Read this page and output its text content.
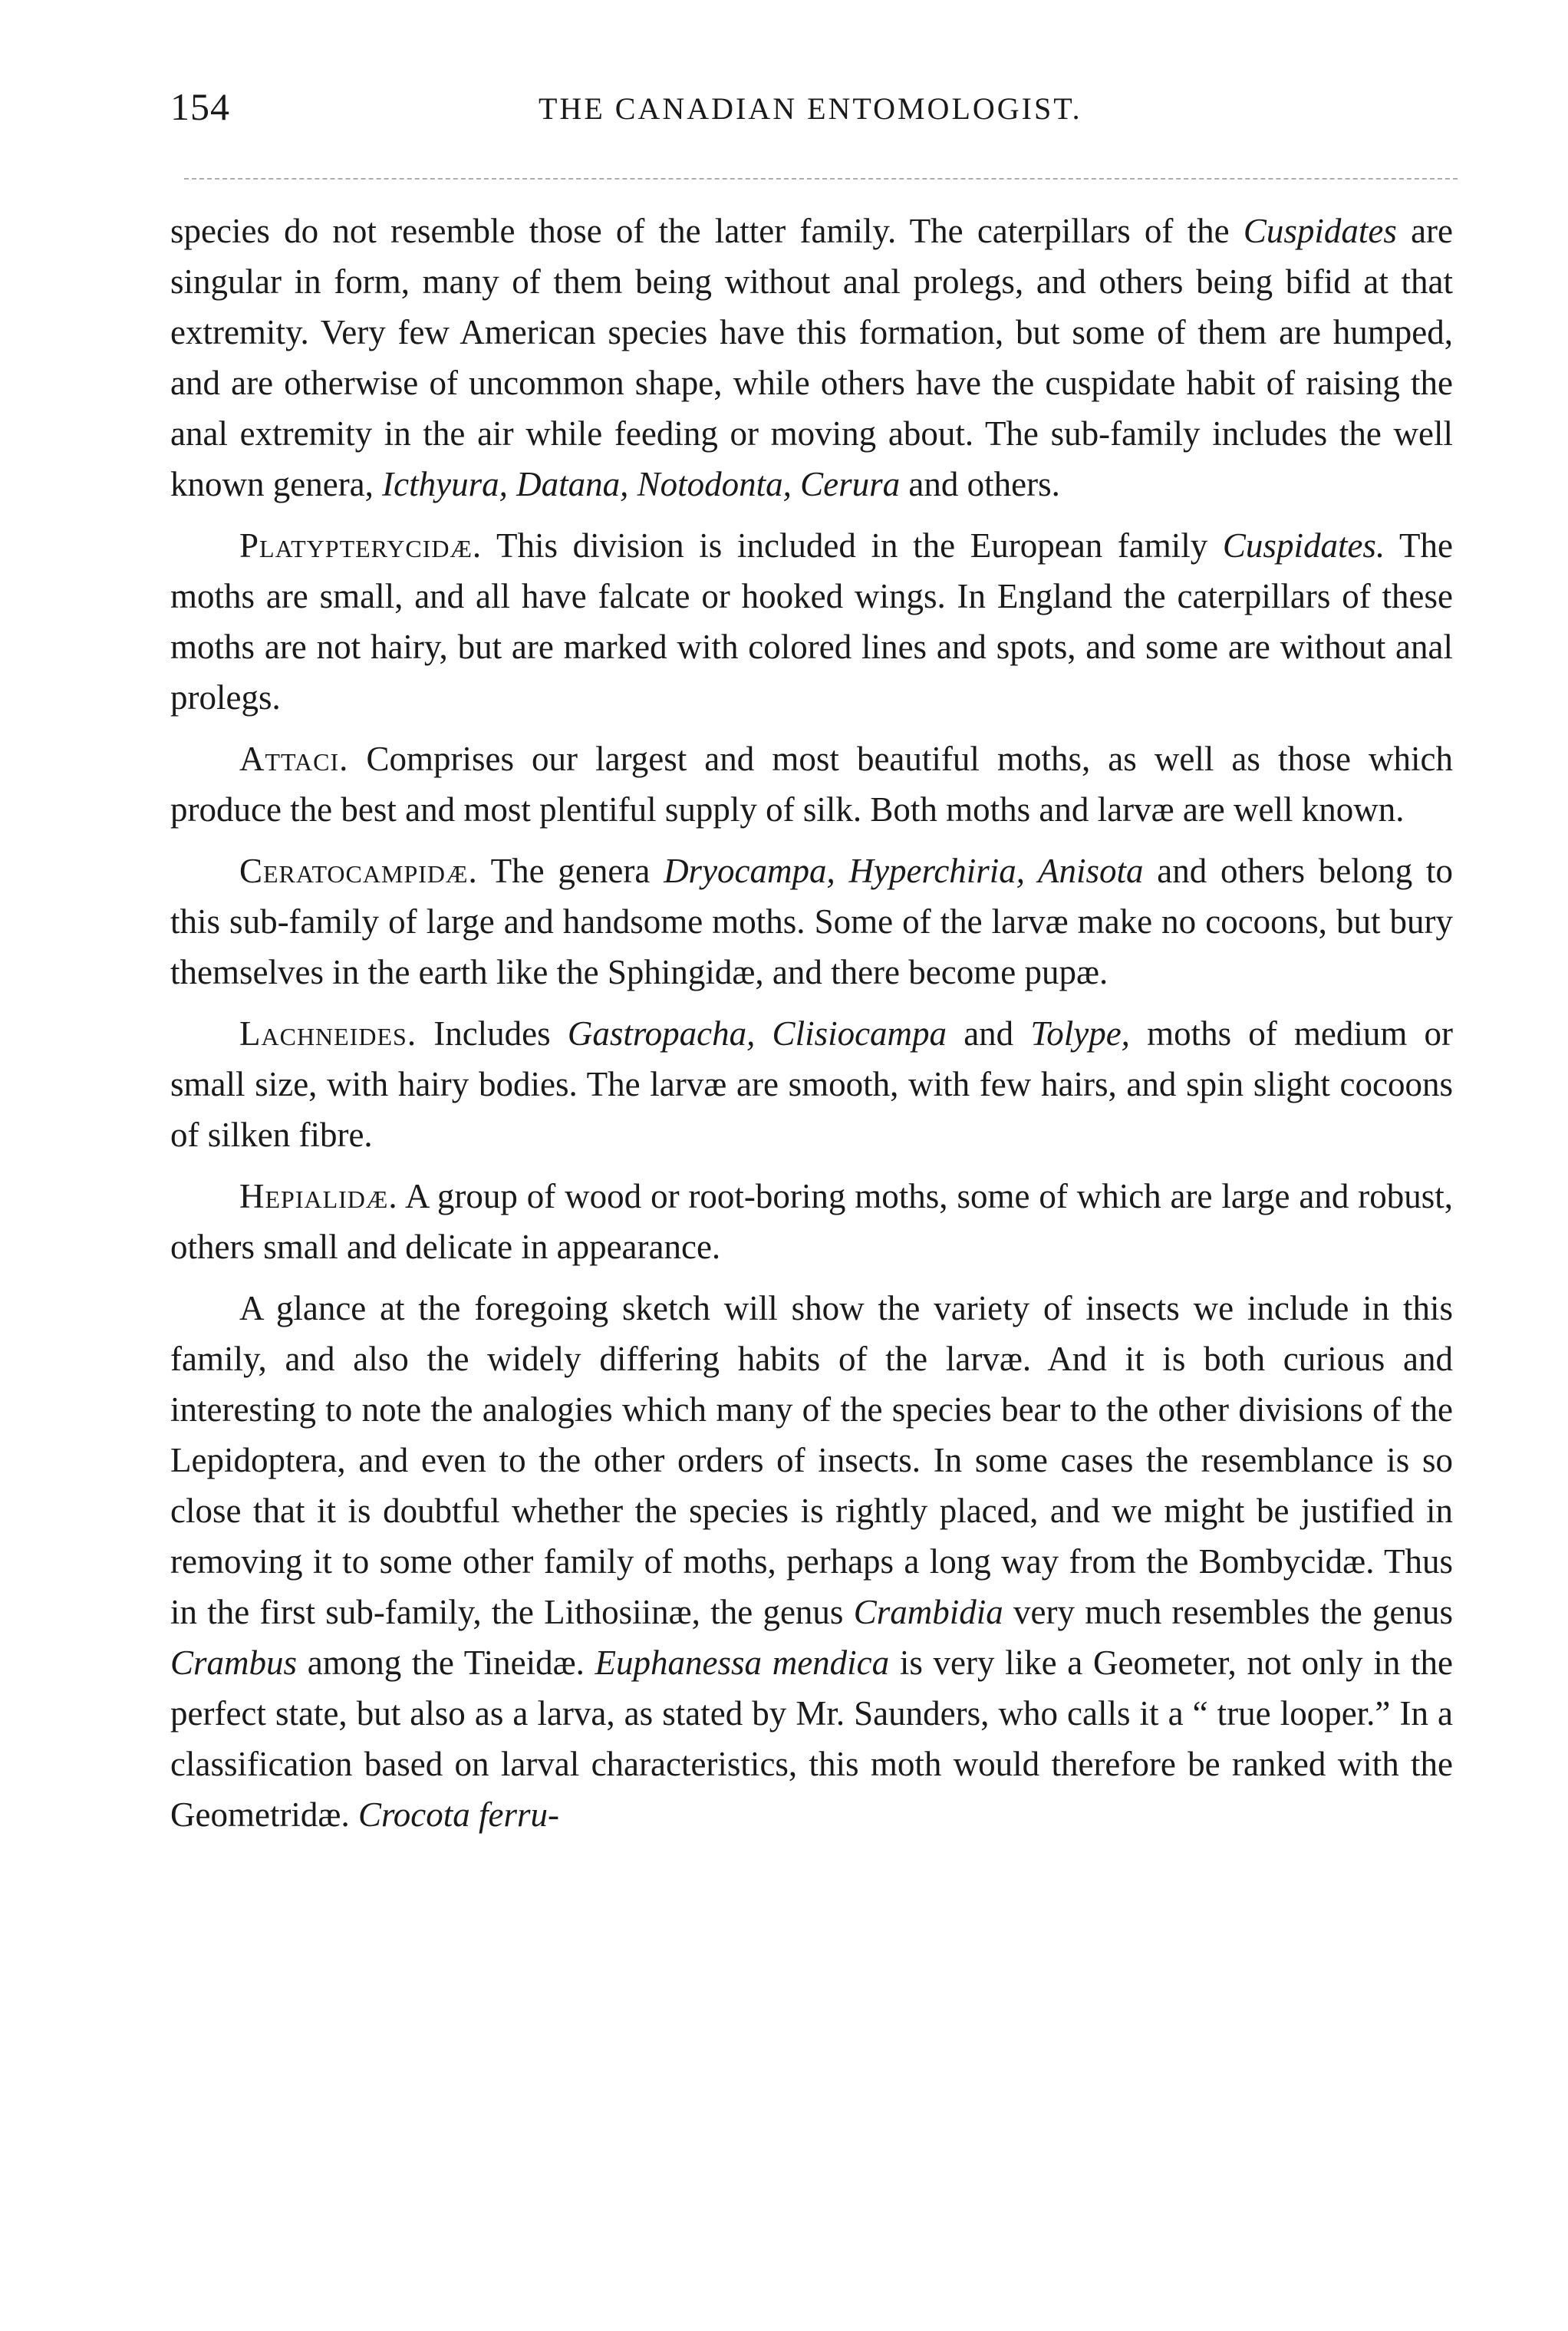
154	THE CANADIAN ENTOMOLOGIST.

species do not resemble those of the latter family. The caterpillars of the Cuspidates are singular in form, many of them being without anal prolegs, and others being bifid at that extremity. Very few American species have this formation, but some of them are humped, and are otherwise of uncommon shape, while others have the cuspidate habit of raising the anal extremity in the air while feeding or moving about. The sub-family includes the well known genera, Icthyura, Datana, Notodonta, Cerura and others.

Platypterycidæ. This division is included in the European family Cuspidates. The moths are small, and all have falcate or hooked wings. In England the caterpillars of these moths are not hairy, but are marked with colored lines and spots, and some are without anal prolegs.

Attaci. Comprises our largest and most beautiful moths, as well as those which produce the best and most plentiful supply of silk. Both moths and larvæ are well known.

Ceratocampidæ. The genera Dryocampa, Hyperchiria, Anisota and others belong to this sub-family of large and handsome moths. Some of the larvæ make no cocoons, but bury themselves in the earth like the Sphingidæ, and there become pupæ.

Lachneides. Includes Gastropacha, Clisiocampa and Tolype, moths of medium or small size, with hairy bodies. The larvæ are smooth, with few hairs, and spin slight cocoons of silken fibre.

Hepialidæ. A group of wood or root-boring moths, some of which are large and robust, others small and delicate in appearance.

A glance at the foregoing sketch will show the variety of insects we include in this family, and also the widely differing habits of the larvæ. And it is both curious and interesting to note the analogies which many of the species bear to the other divisions of the Lepidoptera, and even to the other orders of insects. In some cases the resemblance is so close that it is doubtful whether the species is rightly placed, and we might be justified in removing it to some other family of moths, perhaps a long way from the Bombycidæ. Thus in the first sub-family, the Lithosiinæ, the genus Crambidia very much resembles the genus Crambus among the Tineidæ. Euphanessa mendica is very like a Geometer, not only in the perfect state, but also as a larva, as stated by Mr. Saunders, who calls it a “ true looper.” In a classification based on larval characteristics, this moth would therefore be ranked with the Geometridæ. Crocota ferru-
